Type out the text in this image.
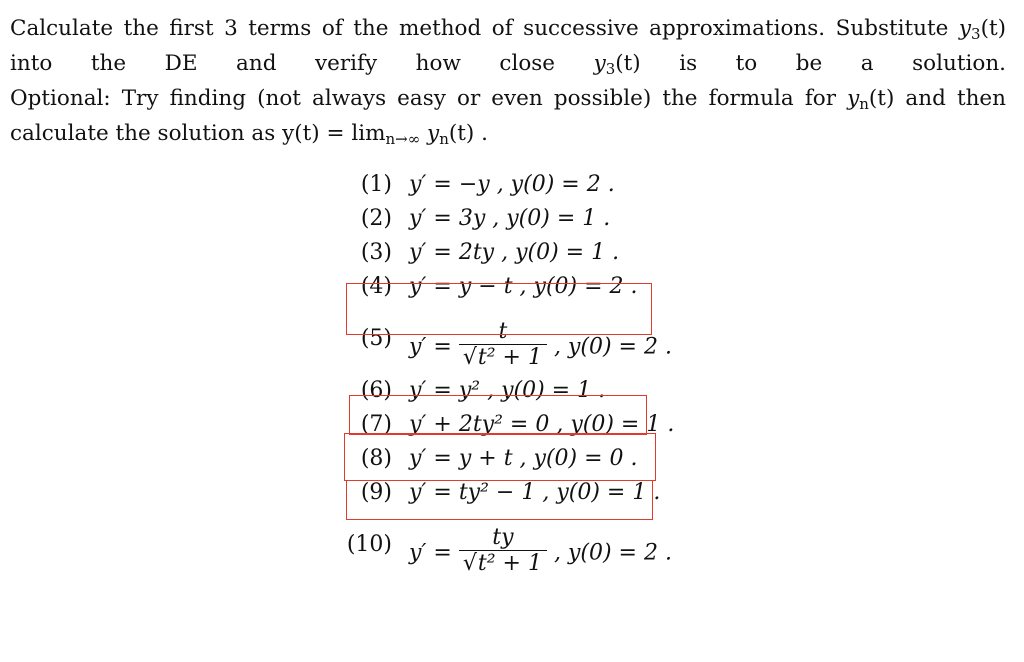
Calculate the first 3 terms of the method of successive approximations. Substitute $y_3(t)$ into the DE and verify how close $y_3(t)$ is to be a solution.

Optional: Try finding (not always easy or even possible) the formula for $y_n(t)$ and then calculate the solution as $y(t) = \lim_{n\to\infty} y_n(t)$ .

(1) y′ = −y , y(0) = 2 .
(2) y′ = 3y , y(0) = 1 .
(3) y′ = 2ty , y(0) = 1 .
(4) y′ = y − t , y(0) = 2 .
(5) $y' = \frac{t}{\text{√t² + 1}}$ , y(0) = 2 .
(6) y′ = y² , y(0) = 1 .
(7) y′ + 2ty² = 0 , y(0) = 1 .
(8) y′ = y + t , y(0) = 0 .
(9) y′ = ty² − 1 , y(0) = 1 .
(10) $y' = \frac{ty}{\text{√t² + 1}}$ , y(0) = 2 .
